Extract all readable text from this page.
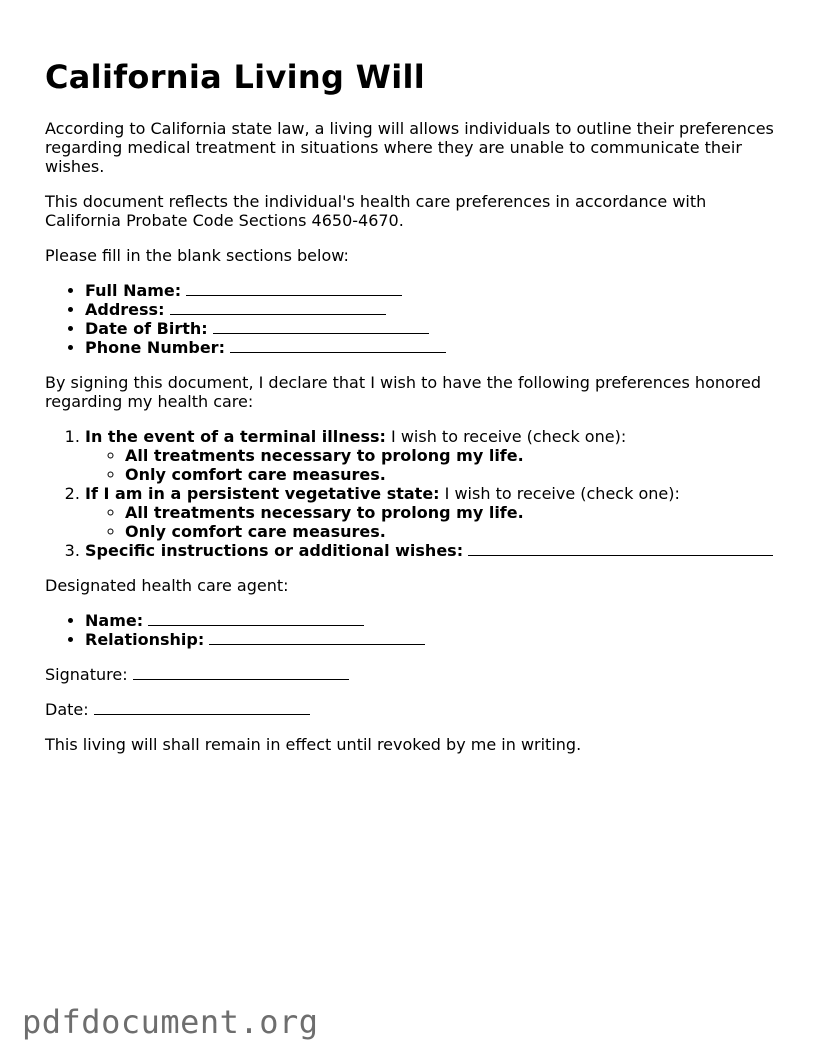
California Living Will

According to California state law, a living will allows individuals to outline their preferences regarding medical treatment in situations where they are unable to communicate their wishes.

This document reflects the individual's health care preferences in accordance with California Probate Code Sections 4650-4670.

Please fill in the blank sections below:

• Full Name:
• Address:
• Date of Birth:
• Phone Number:

By signing this document, I declare that I wish to have the following preferences honored regarding my health care:

1. In the event of a terminal illness: I wish to receive (check one):
◦ All treatments necessary to prolong my life.
◦ Only comfort care measures.
2. If I am in a persistent vegetative state: I wish to receive (check one):
◦ All treatments necessary to prolong my life.
◦ Only comfort care measures.
3. Specific instructions or additional wishes:

Designated health care agent:

• Name:
• Relationship:

Signature:

Date:

This living will shall remain in effect until revoked by me in writing.

pdfdocument.org
